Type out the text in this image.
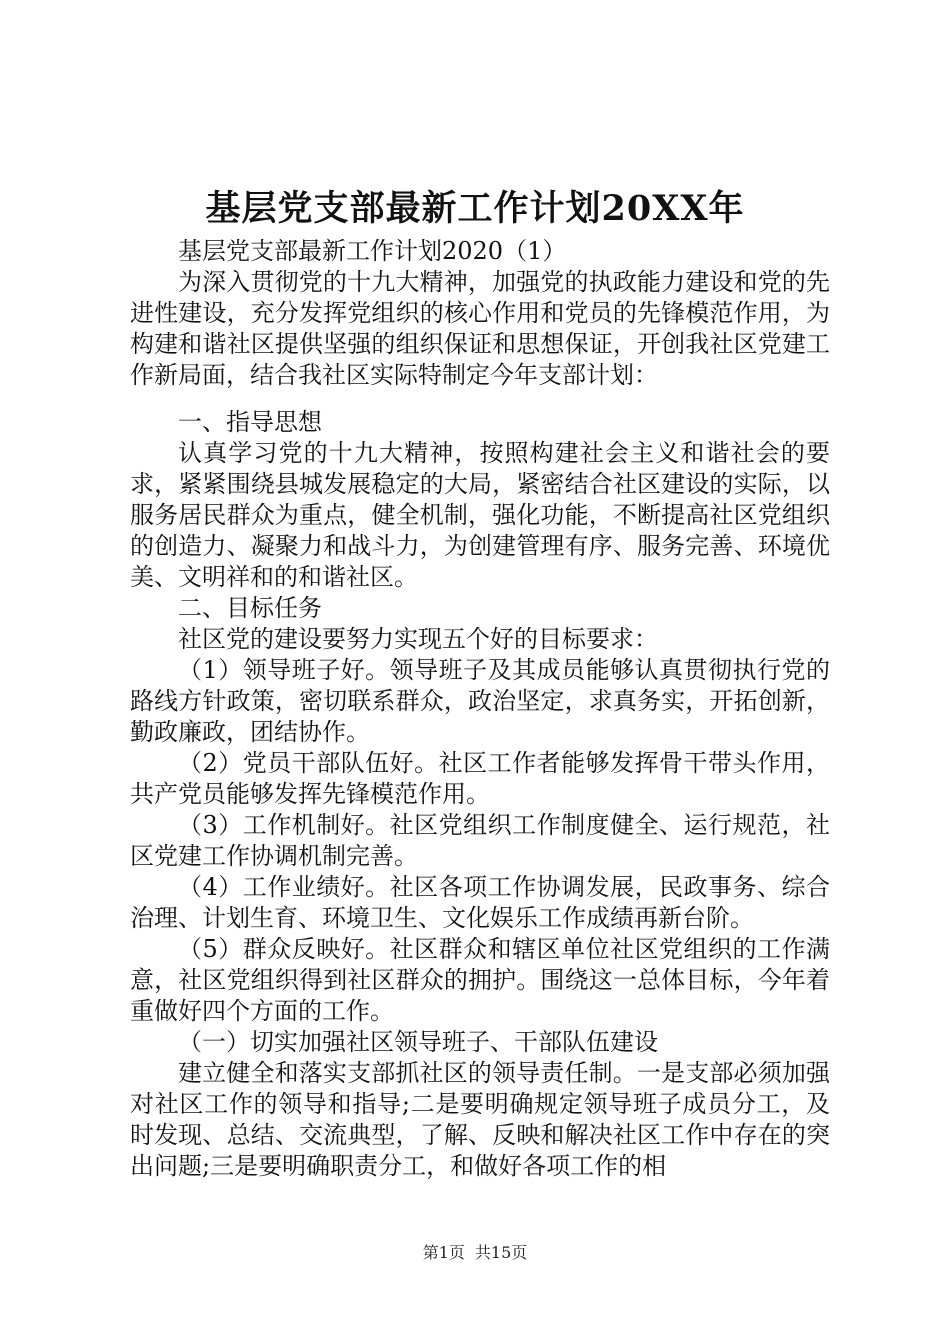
基层党支部最新工作计划20XX年

基层党支部最新工作计划2020（1）

为深入贯彻党的十九大精神，加强党的执政能力建设和党的先进性建设，充分发挥党组织的核心作用和党员的先锋模范作用，为构建和谐社区提供坚强的组织保证和思想保证，开创我社区党建工作新局面，结合我社区实际特制定今年支部计划：

一、指导思想

认真学习党的十九大精神，按照构建社会主义和谐社会的要求，紧紧围绕县城发展稳定的大局，紧密结合社区建设的实际，以服务居民群众为重点，健全机制，强化功能，不断提高社区党组织的创造力、凝聚力和战斗力，为创建管理有序、服务完善、环境优美、文明祥和的和谐社区。

二、目标任务

社区党的建设要努力实现五个好的目标要求：

（1）领导班子好。领导班子及其成员能够认真贯彻执行党的路线方针政策，密切联系群众，政治坚定，求真务实，开拓创新，勤政廉政，团结协作。

（2）党员干部队伍好。社区工作者能够发挥骨干带头作用，共产党员能够发挥先锋模范作用。

（3）工作机制好。社区党组织工作制度健全、运行规范，社区党建工作协调机制完善。

（4）工作业绩好。社区各项工作协调发展，民政事务、综合治理、计划生育、环境卫生、文化娱乐工作成绩再新台阶。

（5）群众反映好。社区群众和辖区单位社区党组织的工作满意，社区党组织得到社区群众的拥护。围绕这一总体目标，今年着重做好四个方面的工作。

（一）切实加强社区领导班子、干部队伍建设

建立健全和落实支部抓社区的领导责任制。一是支部必须加强对社区工作的领导和指导;二是要明确规定领导班子成员分工，及时发现、总结、交流典型，了解、反映和解决社区工作中存在的突出问题;三是要明确职责分工，和做好各项工作的相

第1页 共15页
